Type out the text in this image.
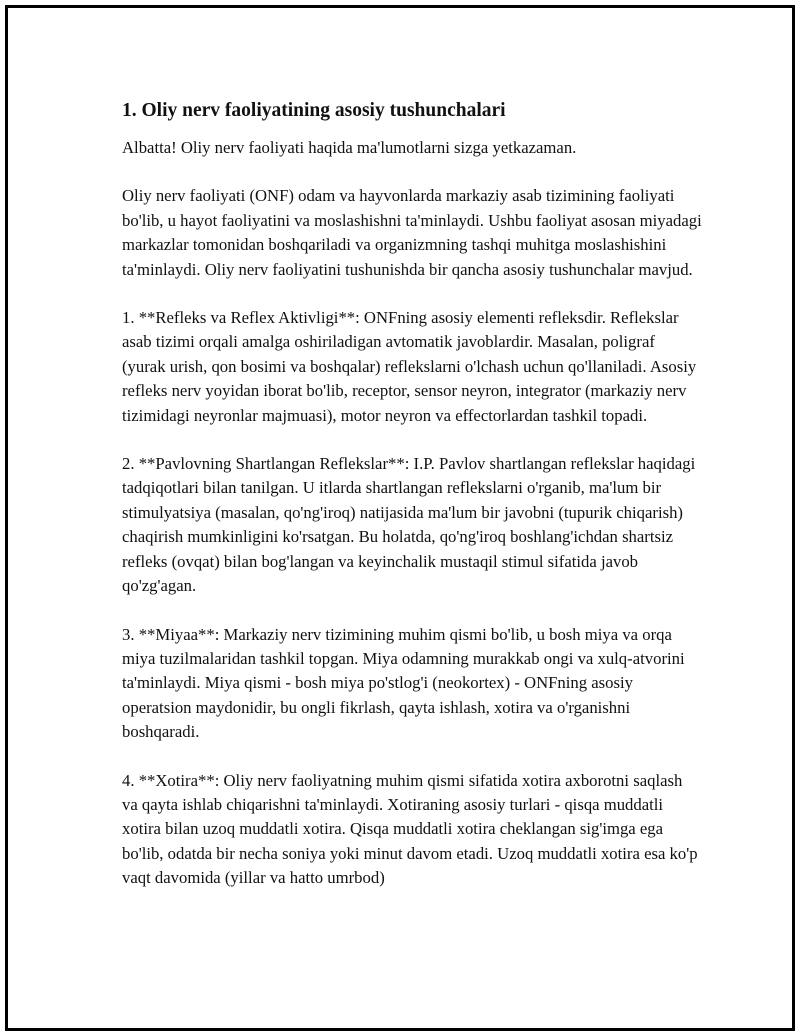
1. Oliy nerv faoliyatining asosiy tushunchalari

Albatta! Oliy nerv faoliyati haqida ma'lumotlarni sizga yetkazaman.

Oliy nerv faoliyati (ONF) odam va hayvonlarda markaziy asab tizimining faoliyati bo'lib, u hayot faoliyatini va moslashishni ta'minlaydi. Ushbu faoliyat asosan miyadagi markazlar tomonidan boshqariladi va organizmning tashqi muhitga moslashishini ta'minlaydi. Oliy nerv faoliyatini tushunishda bir qancha asosiy tushunchalar mavjud.

1. **Refleks va Reflex Aktivligi**: ONFning asosiy elementi refleksdir. Reflekslar asab tizimi orqali amalga oshiriladigan avtomatik javoblardir. Masalan, poligraf (yurak urish, qon bosimi va boshqalar) reflekslarni o'lchash uchun qo'llaniladi. Asosiy refleks nerv yoyidan iborat bo'lib, receptor, sensor neyron, integrator (markaziy nerv tizimidagi neyronlar majmuasi), motor neyron va effectorlardan tashkil topadi.

2. **Pavlovning Shartlangan Reflekslar**: I.P. Pavlov shartlangan reflekslar haqidagi tadqiqotlari bilan tanilgan. U itlarda shartlangan reflekslarni o'rganib, ma'lum bir stimulyatsiya (masalan, qo'ng'iroq) natijasida ma'lum bir javobni (tupurik chiqarish) chaqirish mumkinligini ko'rsatgan. Bu holatda, qo'ng'iroq boshlang'ichdan shartsiz refleks (ovqat) bilan bog'langan va keyinchalik mustaqil stimul sifatida javob qo'zg'agan.

3. **Miyaa**: Markaziy nerv tizimining muhim qismi bo'lib, u bosh miya va orqa miya tuzilmalaridan tashkil topgan. Miya odamning murakkab ongi va xulq-atvorini ta'minlaydi. Miya qismi - bosh miya po'stlog'i (neokortex) - ONFning asosiy operatsion maydonidir, bu ongli fikrlash, qayta ishlash, xotira va o'rganishni boshqaradi.

4. **Xotira**: Oliy nerv faoliyatning muhim qismi sifatida xotira axborotni saqlash va qayta ishlab chiqarishni ta'minlaydi. Xotiraning asosiy turlari - qisqa muddatli xotira bilan uzoq muddatli xotira. Qisqa muddatli xotira cheklangan sig'imga ega bo'lib, odatda bir necha soniya yoki minut davom etadi. Uzoq muddatli xotira esa ko'p vaqt davomida (yillar va hatto umrbod)
